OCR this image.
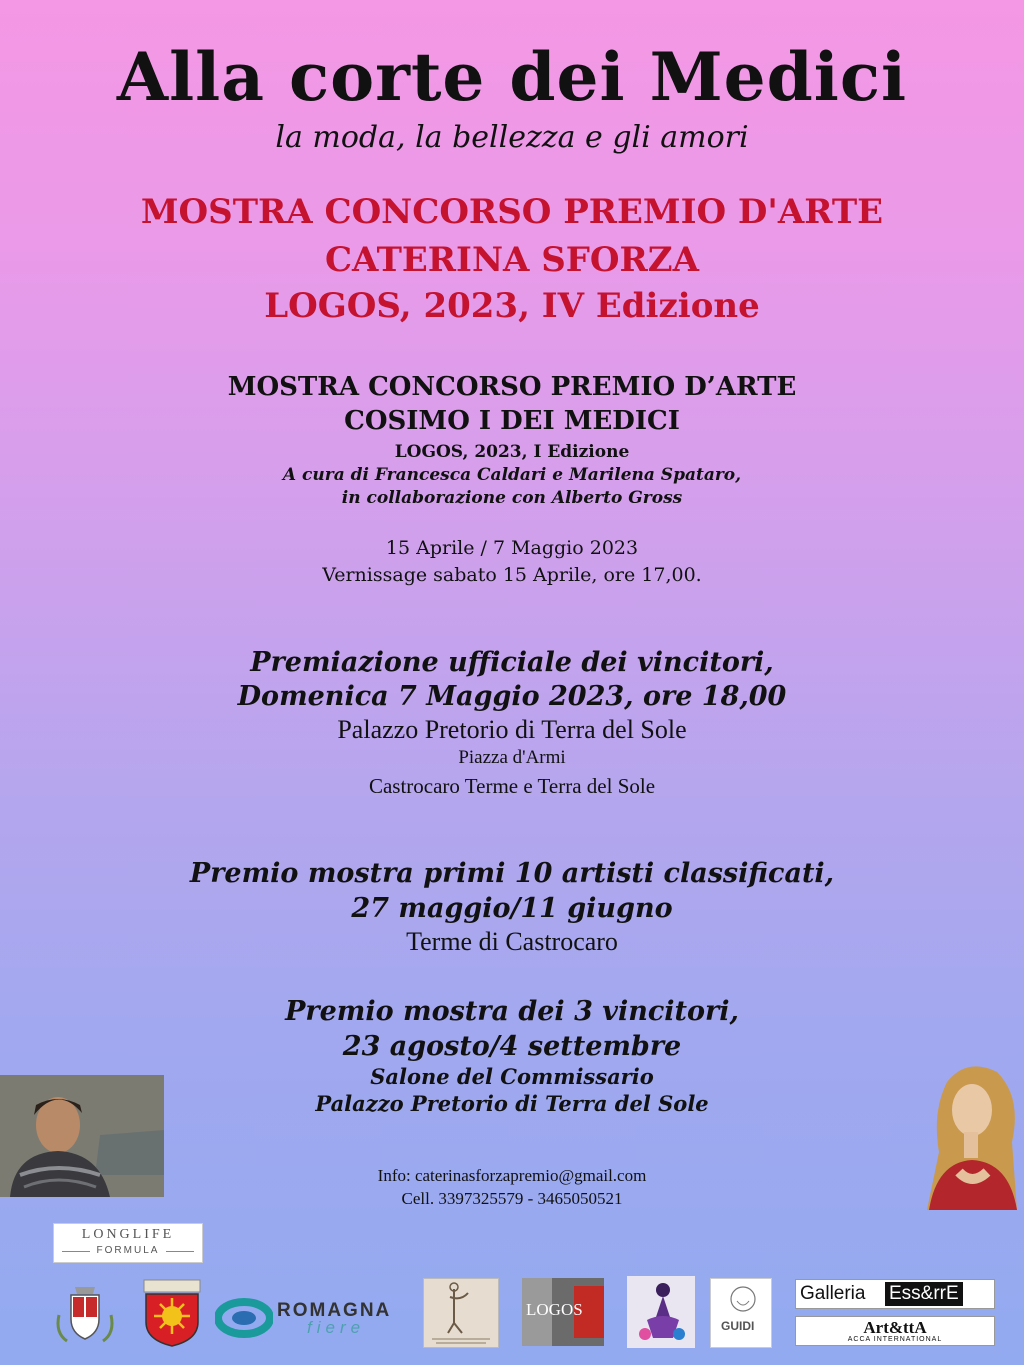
Alla corte dei Medici
la moda, la bellezza e gli amori
MOSTRA CONCORSO PREMIO D'ARTE
CATERINA SFORZA
LOGOS, 2023, IV Edizione
MOSTRA CONCORSO PREMIO D’ARTE
COSIMO I DEI MEDICI
LOGOS, 2023, I Edizione
A cura di Francesca Caldari e Marilena Spataro,
in collaborazione con Alberto Gross
15 Aprile / 7 Maggio 2023
Vernissage sabato 15 Aprile, ore 17,00.
Premiazione ufficiale dei vincitori,
Domenica 7 Maggio 2023, ore 18,00
Palazzo Pretorio di Terra del Sole
Piazza d'Armi
Castrocaro Terme e Terra del Sole
Premio mostra primi 10 artisti classificati,
27 maggio/11 giugno
Terme di Castrocaro
Premio mostra dei 3 vincitori,
23 agosto/4 settembre
Salone del Commissario
Palazzo Pretorio di Terra del Sole
Info: caterinasforzapremio@gmail.com
Cell. 3397325579 - 3465050521
LONGLIFE
FORMULA
ROMAGNA
fiere
LOGOS
GUIDI
Galleria Ess&rrE
Art&ttA
ACCA INTERNATIONAL
